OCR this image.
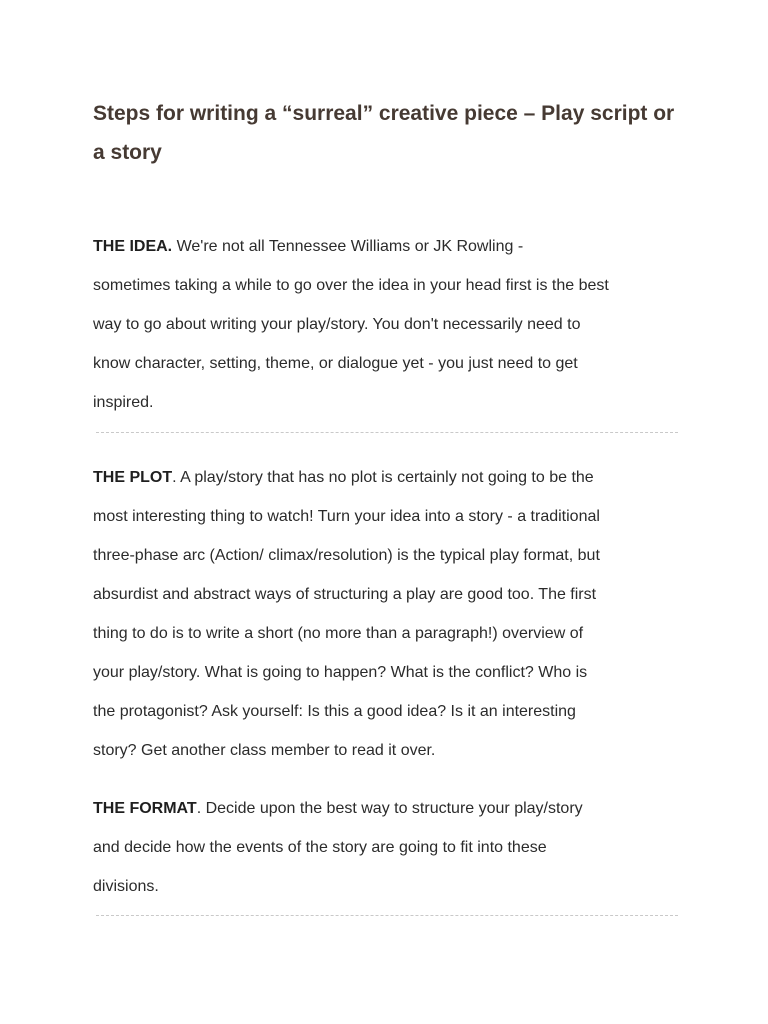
Steps for writing a “surreal” creative piece – Play script or a story
THE IDEA. We're not all Tennessee Williams or JK Rowling -
sometimes taking a while to go over the idea in your head first is the best
way to go about writing your play/story. You don't necessarily need to
know character, setting, theme, or dialogue yet - you just need to get
inspired.
THE PLOT. A play/story that has no plot is certainly not going to be the
most interesting thing to watch! Turn your idea into a story - a traditional
three-phase arc (Action/ climax/resolution) is the typical play format, but
absurdist and abstract ways of structuring a play are good too. The first
thing to do is to write a short (no more than a paragraph!) overview of
your play/story. What is going to happen? What is the conflict? Who is
the protagonist? Ask yourself: Is this a good idea? Is it an interesting
story? Get another class member to read it over.
THE FORMAT. Decide upon the best way to structure your play/story
and decide how the events of the story are going to fit into these
divisions.
